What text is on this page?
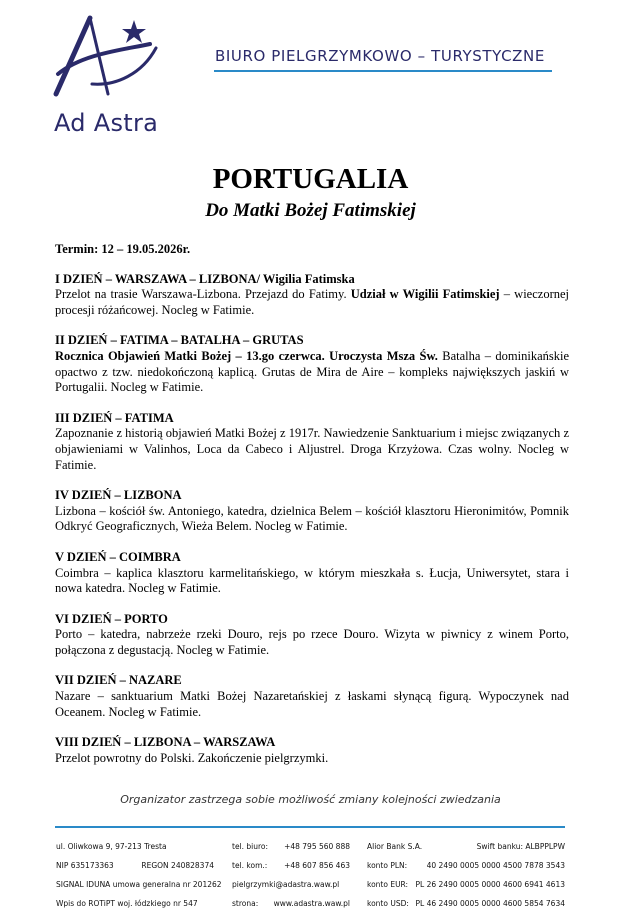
Ad Astra
BIURO PIELGRZYMKOWO – TURYSTYCZNE
PORTUGALIA
Do Matki Bożej Fatimskiej
Termin: 12 – 19.05.2026r.
I DZIEŃ – WARSZAWA – LIZBONA/ Wigilia Fatimska
Przelot na trasie Warszawa-Lizbona. Przejazd do Fatimy. Udział w Wigilii Fatimskiej – wieczornej procesji różańcowej. Nocleg w Fatimie.
II DZIEŃ – FATIMA – BATALHA – GRUTAS
Rocznica Objawień Matki Bożej – 13.go czerwca. Uroczysta Msza Św. Batalha – dominikańskie opactwo z tzw. niedokończoną kaplicą. Grutas de Mira de Aire – kompleks największych jaskiń w Portugalii. Nocleg w Fatimie.
III DZIEŃ – FATIMA
Zapoznanie z historią objawień Matki Bożej z 1917r. Nawiedzenie Sanktuarium i miejsc związanych z objawieniami w Valinhos, Loca da Cabeco i Aljustrel. Droga Krzyżowa. Czas wolny. Nocleg w Fatimie.
IV DZIEŃ – LIZBONA
Lizbona – kościół św. Antoniego, katedra, dzielnica Belem – kościół klasztoru Hieronimitów, Pomnik Odkryć Geograficznych, Wieża Belem. Nocleg w Fatimie.
V DZIEŃ – COIMBRA
Coimbra – kaplica klasztoru karmelitańskiego, w którym mieszkała s. Łucja, Uniwersytet, stara i nowa katedra. Nocleg w Fatimie.
VI DZIEŃ – PORTO
Porto – katedra, nabrzeże rzeki Douro, rejs po rzece Douro. Wizyta w piwnicy z winem Porto, połączona z degustacją. Nocleg w Fatimie.
VII DZIEŃ – NAZARE
Nazare – sanktuarium Matki Bożej Nazaretańskiej z łaskami słynącą figurą. Wypoczynek nad Oceanem. Nocleg w Fatimie.
VIII DZIEŃ – LIZBONA – WARSZAWA
Przelot powrotny do Polski. Zakończenie pielgrzymki.
Organizator zastrzega sobie możliwość zmiany kolejności zwiedzania
ul. Oliwkowa 9, 97-213 Tresta
NIP 635173363	REGON 240828374
SIGNAL IDUNA umowa generalna nr 201262
Wpis do ROTiPT woj. łódzkiego nr 547
tel. biuro: +48 795 560 888
tel. kom.: +48 607 856 463
pielgrzymki@adastra.waw.pl
strona: www.adastra.waw.pl
Alior Bank S.A.	Swift banku: ALBPPLPW
konto PLN:	40 2490 0005 0000 4500 7878 3543
konto EUR: PL 26 2490 0005 0000 4600 6941 4613
konto USD: PL 46 2490 0005 0000 4600 5854 7634
